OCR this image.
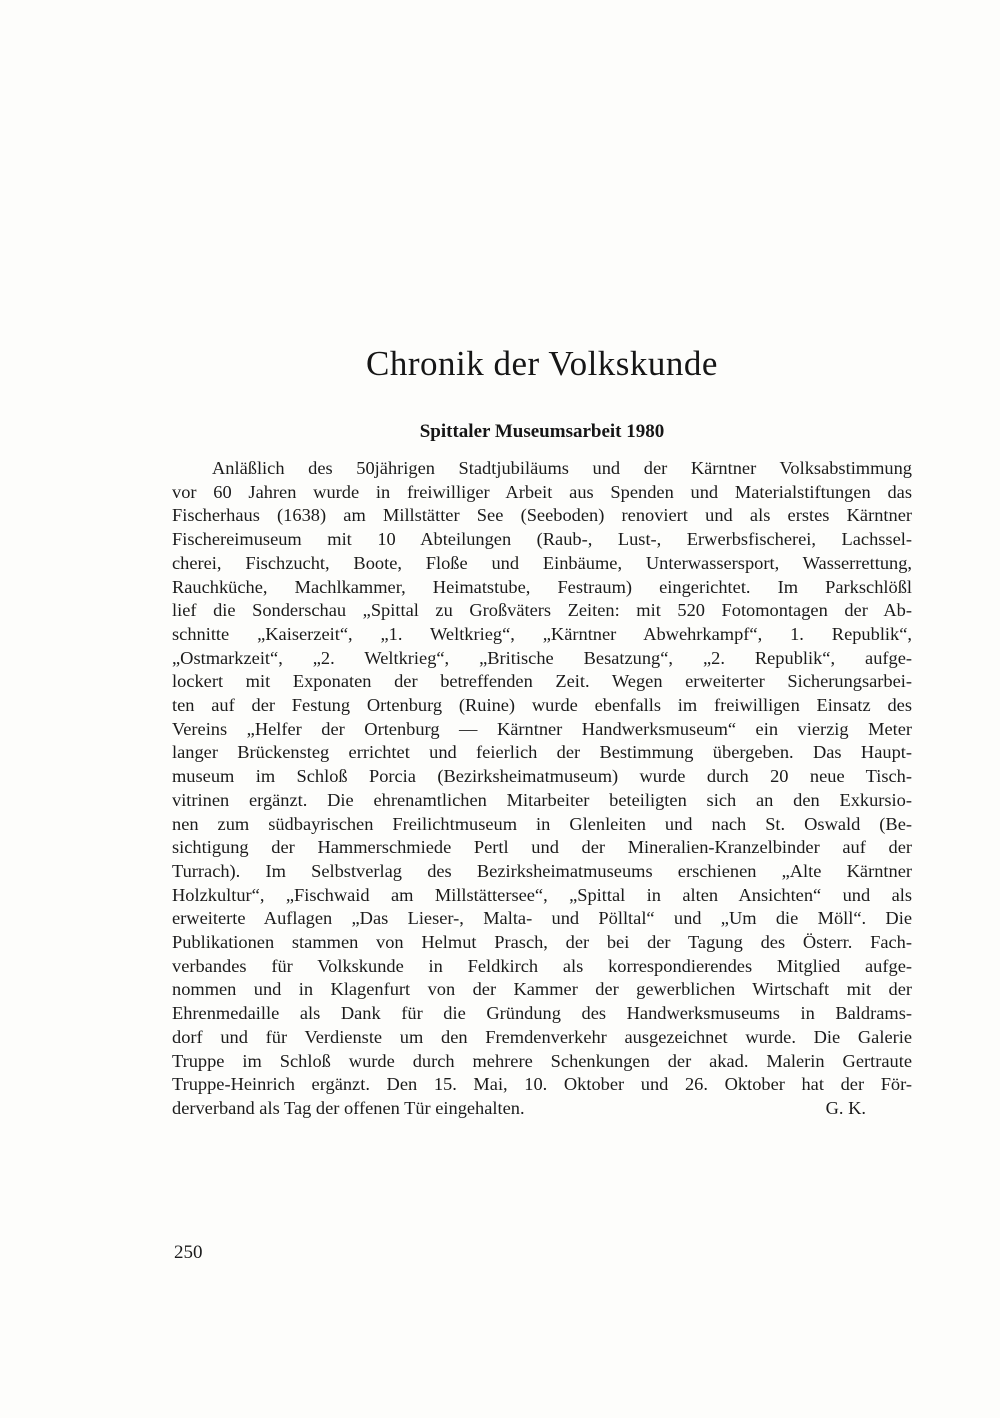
Chronik der Volkskunde
Spittaler Museumsarbeit 1980
Anläßlich des 50jährigen Stadtjubiläums und der Kärntner Volksabstimmung
vor 60 Jahren wurde in freiwilliger Arbeit aus Spenden und Materialstiftungen das
Fischerhaus (1638) am Millstätter See (Seeboden) renoviert und als erstes Kärntner
Fischereimuseum mit 10 Abteilungen (Raub-, Lust-, Erwerbsfischerei, Lachssel-
cherei, Fischzucht, Boote, Floße und Einbäume, Unterwassersport, Wasserrettung,
Rauchküche, Machlkammer, Heimatstube, Festraum) eingerichtet. Im Parkschlößl
lief die Sonderschau „Spittal zu Großväters Zeiten: mit 520 Fotomontagen der Ab-
schnitte „Kaiserzeit“, „1. Weltkrieg“, „Kärntner Abwehrkampf“, 1. Republik“,
„Ostmarkzeit“, „2. Weltkrieg“, „Britische Besatzung“, „2. Republik“, aufge-
lockert mit Exponaten der betreffenden Zeit. Wegen erweiterter Sicherungsarbei-
ten auf der Festung Ortenburg (Ruine) wurde ebenfalls im freiwilligen Einsatz des
Vereins „Helfer der Ortenburg — Kärntner Handwerksmuseum“ ein vierzig Meter
langer Brückensteg errichtet und feierlich der Bestimmung übergeben. Das Haupt-
museum im Schloß Porcia (Bezirksheimatmuseum) wurde durch 20 neue Tisch-
vitrinen ergänzt. Die ehrenamtlichen Mitarbeiter beteiligten sich an den Exkursio-
nen zum südbayrischen Freilichtmuseum in Glenleiten und nach St. Oswald (Be-
sichtigung der Hammerschmiede Pertl und der Mineralien-Kranzelbinder auf der
Turrach). Im Selbstverlag des Bezirksheimatmuseums erschienen „Alte Kärntner
Holzkultur“, „Fischwaid am Millstättersee“, „Spittal in alten Ansichten“ und als
erweiterte Auflagen „Das Lieser-, Malta- und Pölltal“ und „Um die Möll“. Die
Publikationen stammen von Helmut Prasch, der bei der Tagung des Österr. Fach-
verbandes für Volkskunde in Feldkirch als korrespondierendes Mitglied aufge-
nommen und in Klagenfurt von der Kammer der gewerblichen Wirtschaft mit der
Ehrenmedaille als Dank für die Gründung des Handwerksmuseums in Baldrams-
dorf und für Verdienste um den Fremdenverkehr ausgezeichnet wurde. Die Galerie
Truppe im Schloß wurde durch mehrere Schenkungen der akad. Malerin Gertraute
Truppe-Heinrich ergänzt. Den 15. Mai, 10. Oktober und 26. Oktober hat der För-
derverband als Tag der offenen Tür eingehalten.	G. K.
250
